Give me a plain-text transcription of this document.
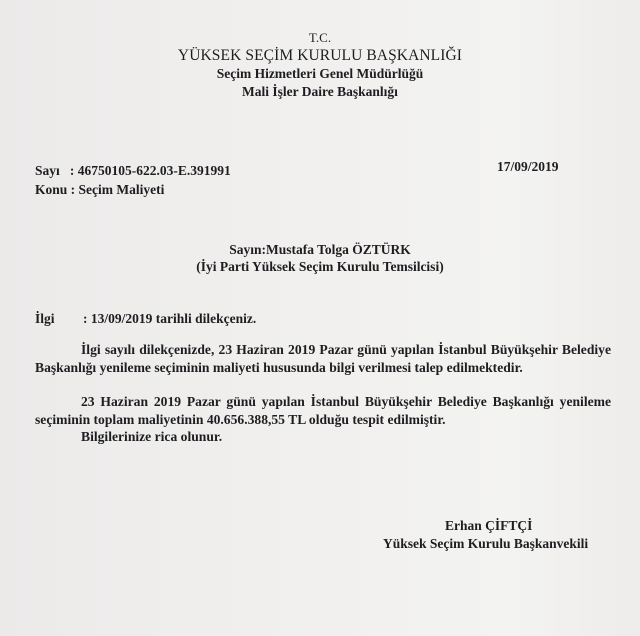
T.C.
YÜKSEK SEÇİM KURULU BAŞKANLIĞI
Seçim Hizmetleri Genel Müdürlüğü
Mali İşler Daire Başkanlığı
Sayı   : 46750105-622.03-E.391991
Konu : Seçim Maliyeti
17/09/2019
Sayın:Mustafa Tolga ÖZTÜRK
(İyi Parti Yüksek Seçim Kurulu Temsilcisi)
İlgi : 13/09/2019 tarihli dilekçeniz.
İlgi sayılı dilekçenizde, 23 Haziran 2019 Pazar günü yapılan İstanbul Büyükşehir Belediye Başkanlığı yenileme seçiminin maliyeti hususunda bilgi verilmesi talep edilmektedir.
23 Haziran 2019 Pazar günü yapılan İstanbul Büyükşehir Belediye Başkanlığı yenileme seçiminin toplam maliyetinin 40.656.388,55 TL olduğu tespit edilmiştir.
Bilgilerinize rica olunur.
Erhan ÇİFTÇİ
Yüksek Seçim Kurulu Başkanvekili
